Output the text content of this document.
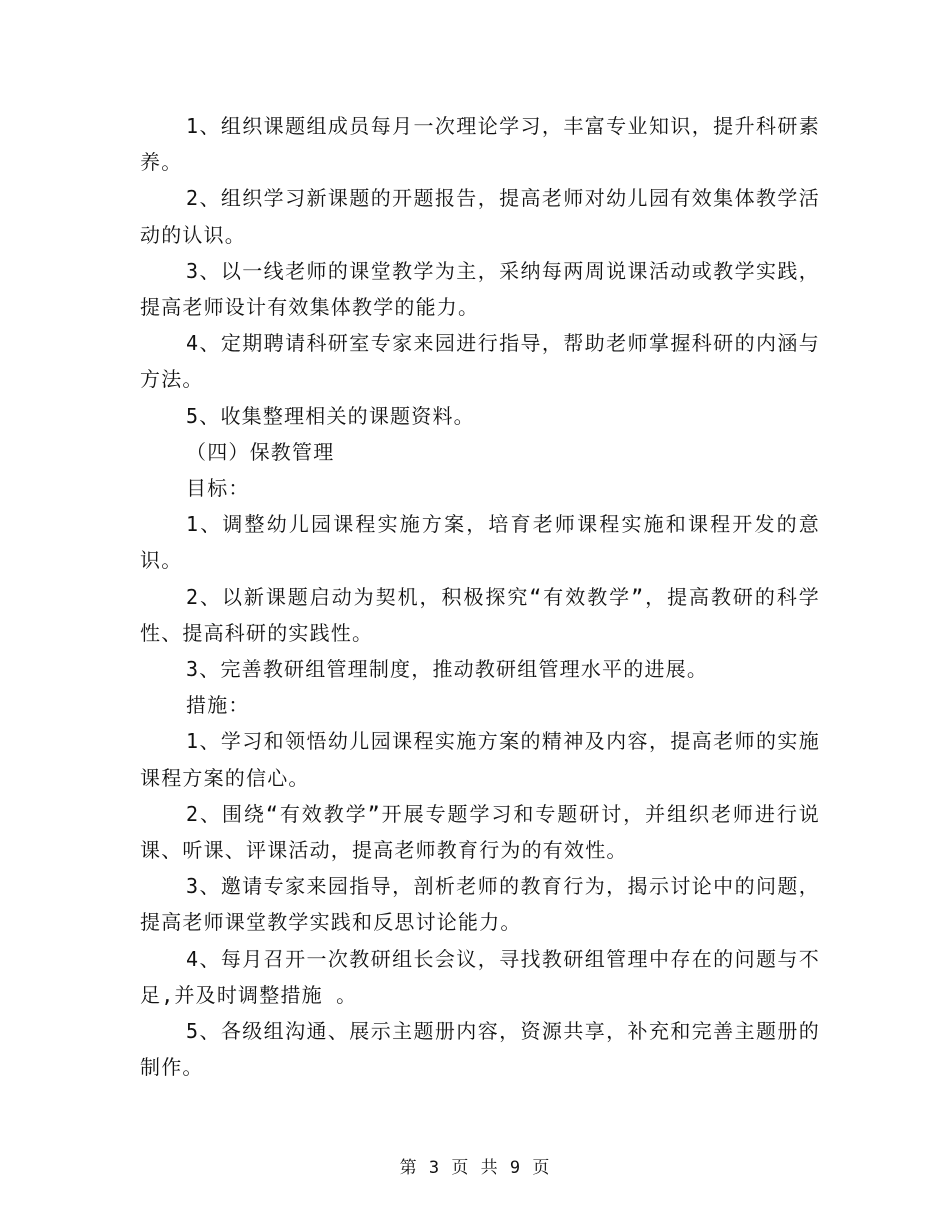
1、组织课题组成员每月一次理论学习，丰富专业知识，提升科研素养。

2、组织学习新课题的开题报告，提高老师对幼儿园有效集体教学活动的认识。

3、以一线老师的课堂教学为主，采纳每两周说课活动或教学实践，提高老师设计有效集体教学的能力。

4、定期聘请科研室专家来园进行指导，帮助老师掌握科研的内涵与方法。

5、收集整理相关的课题资料。

（四）保教管理

目标：

1、调整幼儿园课程实施方案，培育老师课程实施和课程开发的意识。

2、以新课题启动为契机，积极探究“有效教学”，提高教研的科学性、提高科研的实践性。

3、完善教研组管理制度，推动教研组管理水平的进展。

措施：

1、学习和领悟幼儿园课程实施方案的精神及内容，提高老师的实施课程方案的信心。

2、围绕“有效教学”开展专题学习和专题研讨，并组织老师进行说课、听课、评课活动，提高老师教育行为的有效性。

3、邀请专家来园指导，剖析老师的教育行为，揭示讨论中的问题，提高老师课堂教学实践和反思讨论能力。

4、每月召开一次教研组长会议，寻找教研组管理中存在的问题与不足,并及时调整措施 。

5、各级组沟通、展示主题册内容，资源共享，补充和完善主题册的制作。

第 3 页 共 9 页
